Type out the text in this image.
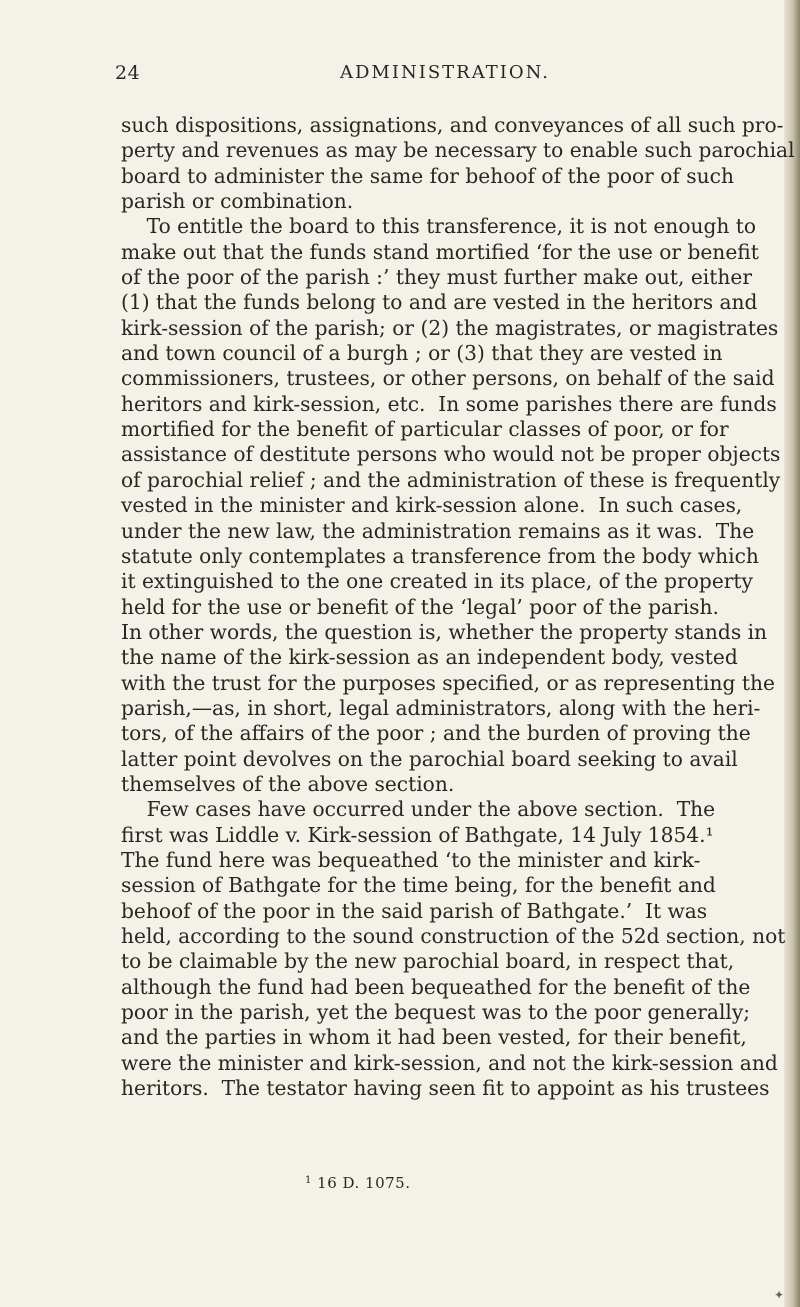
24	ADMINISTRATION.
such dispositions, assignations, and conveyances of all such pro-
perty and revenues as may be necessary to enable such parochial
board to administer the same for behoof of the poor of such
parish or combination.
To entitle the board to this transference, it is not enough to
make out that the funds stand mortified ‘for the use or benefit
of the poor of the parish :’ they must further make out, either
(1) that the funds belong to and are vested in the heritors and
kirk-session of the parish; or (2) the magistrates, or magistrates
and town council of a burgh ; or (3) that they are vested in
commissioners, trustees, or other persons, on behalf of the said
heritors and kirk-session, etc.  In some parishes there are funds
mortified for the benefit of particular classes of poor, or for
assistance of destitute persons who would not be proper objects
of parochial relief ; and the administration of these is frequently
vested in the minister and kirk-session alone.  In such cases,
under the new law, the administration remains as it was.  The
statute only contemplates a transference from the body which
it extinguished to the one created in its place, of the property
held for the use or benefit of the ‘legal’ poor of the parish.
In other words, the question is, whether the property stands in
the name of the kirk-session as an independent body, vested
with the trust for the purposes specified, or as representing the
parish,—as, in short, legal administrators, along with the heri-
tors, of the affairs of the poor ; and the burden of proving the
latter point devolves on the parochial board seeking to avail
themselves of the above section.
Few cases have occurred under the above section.  The
first was Liddle v. Kirk-session of Bathgate, 14 July 1854.¹
The fund here was bequeathed ‘to the minister and kirk-
session of Bathgate for the time being, for the benefit and
behoof of the poor in the said parish of Bathgate.’  It was
held, according to the sound construction of the 52d section, not
to be claimable by the new parochial board, in respect that,
although the fund had been bequeathed for the benefit of the
poor in the parish, yet the bequest was to the poor generally;
and the parties in whom it had been vested, for their benefit,
were the minister and kirk-session, and not the kirk-session and
heritors.  The testator having seen fit to appoint as his trustees
$^1$ 16 D. 1075.
✦
